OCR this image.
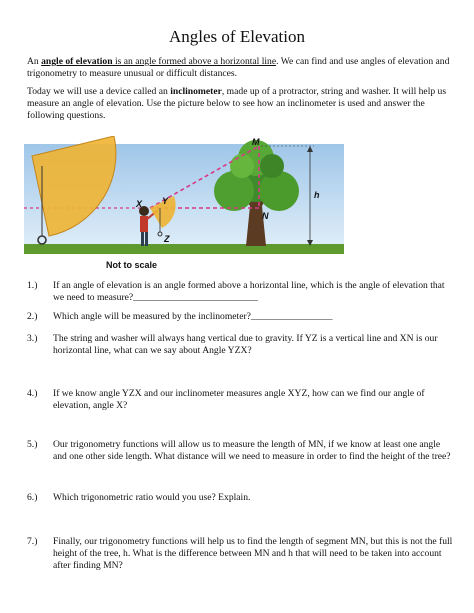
Angles of Elevation

An angle of elevation is an angle formed above a horizontal line. We can find and use angles of elevation and trigonometry to measure unusual or difficult distances.

Today we will use a device called an inclinometer, made up of a protractor, string and washer. It will help us measure an angle of elevation. Use the picture below to see how an inclinometer is used and answer the following questions.

M
X Y
N
Z
h
Not to scale
1.)	If an angle of elevation is an angle formed above a horizontal line, which is the angle of elevation that we need to measure?__________________________
2.)	Which angle will be measured by the inclinometer?_________________
3.)	The string and washer will always hang vertical due to gravity. If YZ is a vertical line and XN is our horizontal line, what can we say about Angle YZX?
4.)	If we know angle YZX and our inclinometer measures angle XYZ, how can we find our angle of elevation, angle X?
5.)	Our trigonometry functions will allow us to measure the length of MN, if we know at least one angle and one other side length. What distance will we need to measure in order to find the height of the tree?
6.)	Which trigonometric ratio would you use? Explain.
7.)	Finally, our trigonometry functions will help us to find the length of segment MN, but this is not the full height of the tree, h. What is the difference between MN and h that will need to be taken into account after finding MN?
